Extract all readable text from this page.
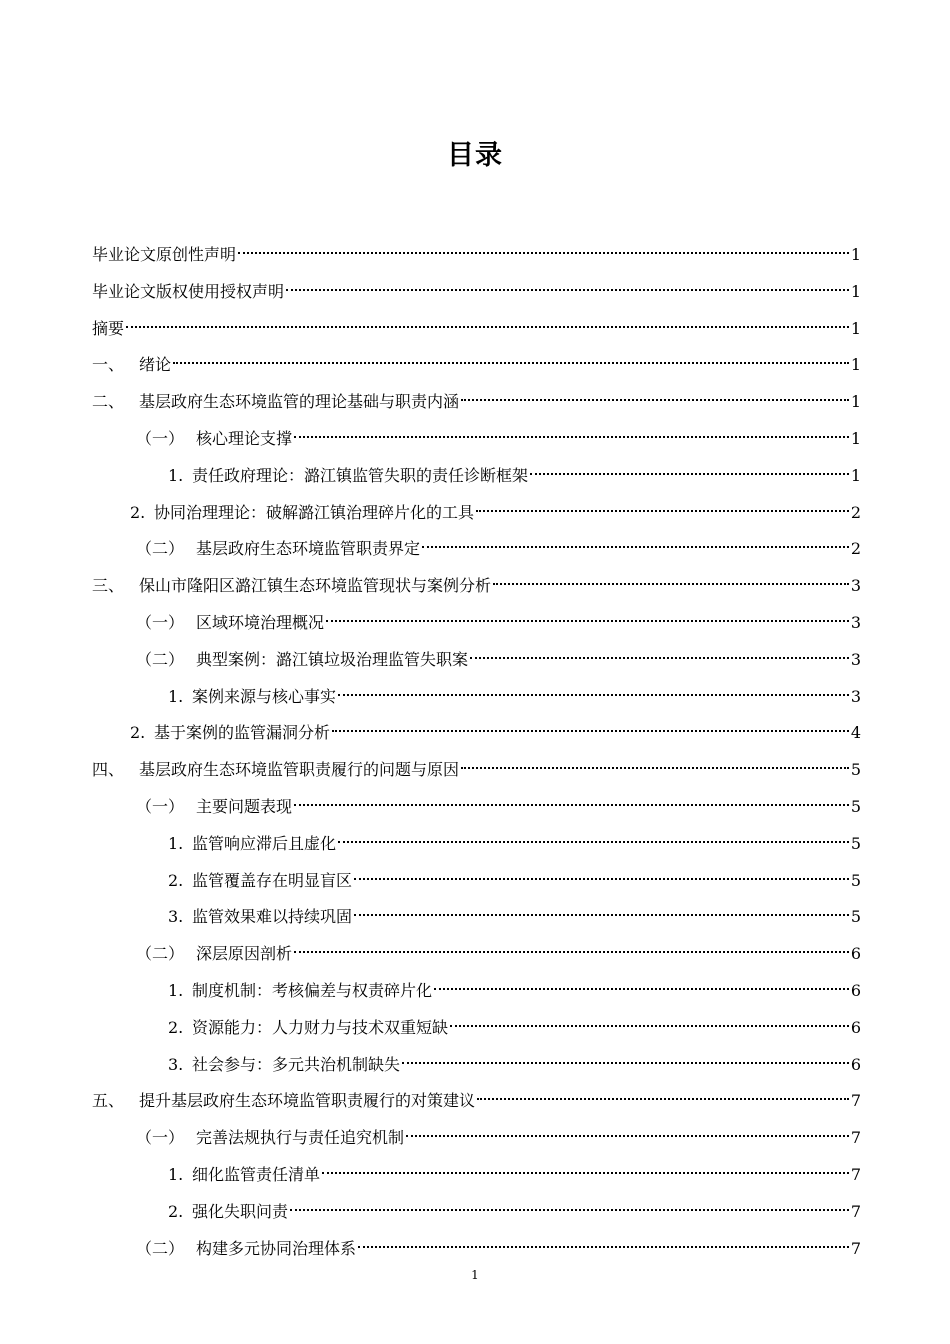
目录
毕业论文原创性声明	1
毕业论文版权使用授权声明	1
摘要	1
一、 绪论	1
二、 基层政府生态环境监管的理论基础与职责内涵	1
（一） 核心理论支撑	1
1. 责任政府理论：潞江镇监管失职的责任诊断框架	1
2. 协同治理理论：破解潞江镇治理碎片化的工具	2
（二） 基层政府生态环境监管职责界定	2
三、 保山市隆阳区潞江镇生态环境监管现状与案例分析	3
（一） 区域环境治理概况	3
（二） 典型案例：潞江镇垃圾治理监管失职案	3
1. 案例来源与核心事实	3
2. 基于案例的监管漏洞分析	4
四、 基层政府生态环境监管职责履行的问题与原因	5
（一） 主要问题表现	5
1. 监管响应滞后且虚化	5
2. 监管覆盖存在明显盲区	5
3. 监管效果难以持续巩固	5
（二） 深层原因剖析	6
1. 制度机制：考核偏差与权责碎片化	6
2. 资源能力：人力财力与技术双重短缺	6
3. 社会参与：多元共治机制缺失	6
五、 提升基层政府生态环境监管职责履行的对策建议	7
（一） 完善法规执行与责任追究机制	7
1. 细化监管责任清单	7
2. 强化失职问责	7
（二） 构建多元协同治理体系	7
1
